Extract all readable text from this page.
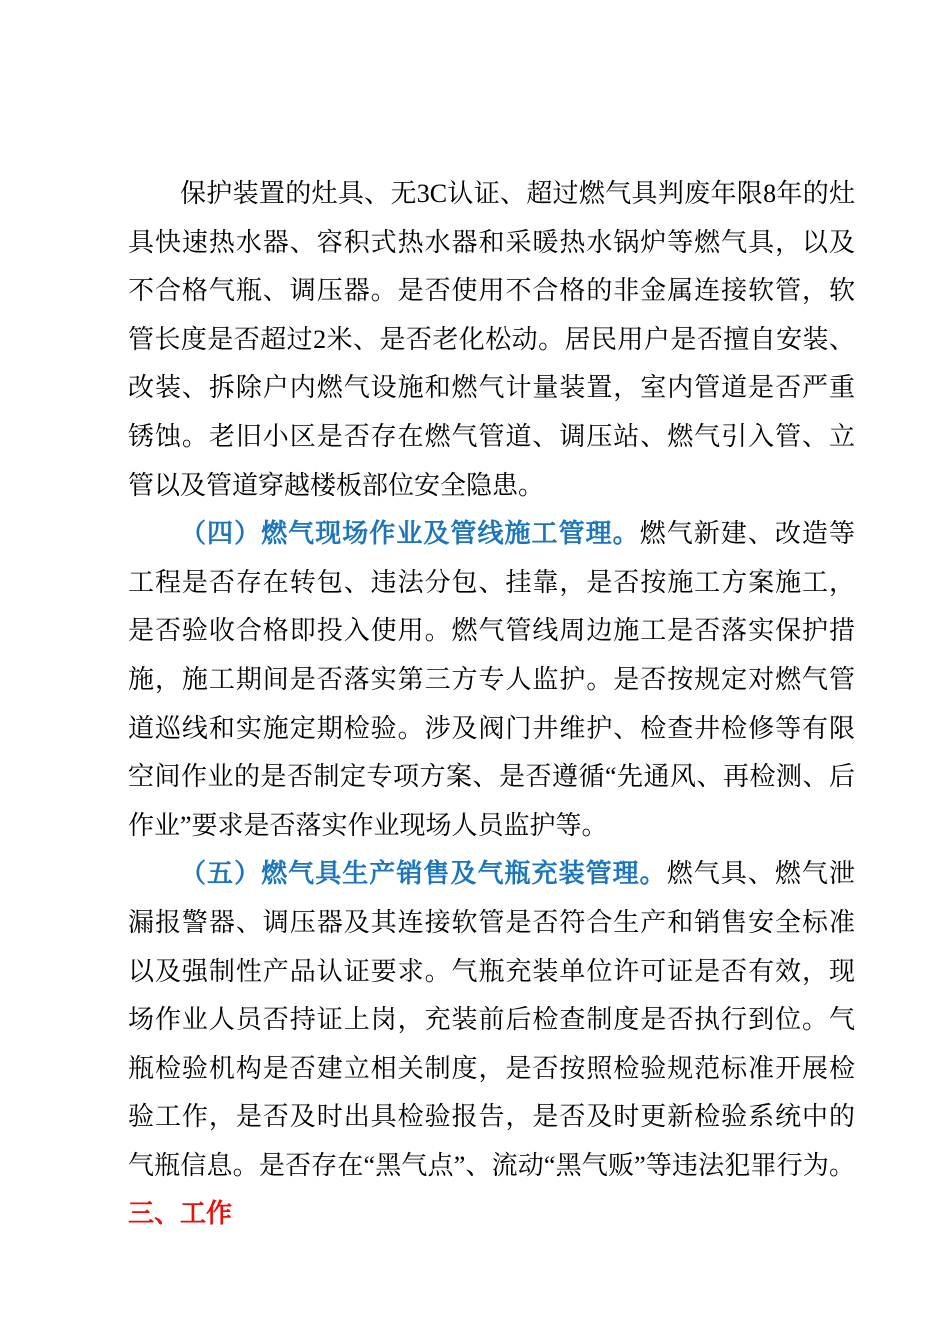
保护装置的灶具、无3C认证、超过燃气具判废年限8年的灶具快速热水器、容积式热水器和采暖热水锅炉等燃气具，以及不合格气瓶、调压器。是否使用不合格的非金属连接软管，软管长度是否超过2米、是否老化松动。居民用户是否擅自安装、改装、拆除户内燃气设施和燃气计量装置，室内管道是否严重锈蚀。老旧小区是否存在燃气管道、调压站、燃气引入管、立管以及管道穿越楼板部位安全隐患。

（四）燃气现场作业及管线施工管理。燃气新建、改造等工程是否存在转包、违法分包、挂靠，是否按施工方案施工，是否验收合格即投入使用。燃气管线周边施工是否落实保护措施，施工期间是否落实第三方专人监护。是否按规定对燃气管道巡线和实施定期检验。涉及阀门井维护、检查井检修等有限空间作业的是否制定专项方案、是否遵循“先通风、再检测、后作业”要求是否落实作业现场人员监护等。

（五）燃气具生产销售及气瓶充装管理。燃气具、燃气泄漏报警器、调压器及其连接软管是否符合生产和销售安全标准以及强制性产品认证要求。气瓶充装单位许可证是否有效，现场作业人员否持证上岗，充装前后检查制度是否执行到位。气瓶检验机构是否建立相关制度，是否按照检验规范标准开展检验工作，是否及时出具检验报告，是否及时更新检验系统中的气瓶信息。是否存在“黑气点”、流动“黑气贩”等违法犯罪行为。三、工作
